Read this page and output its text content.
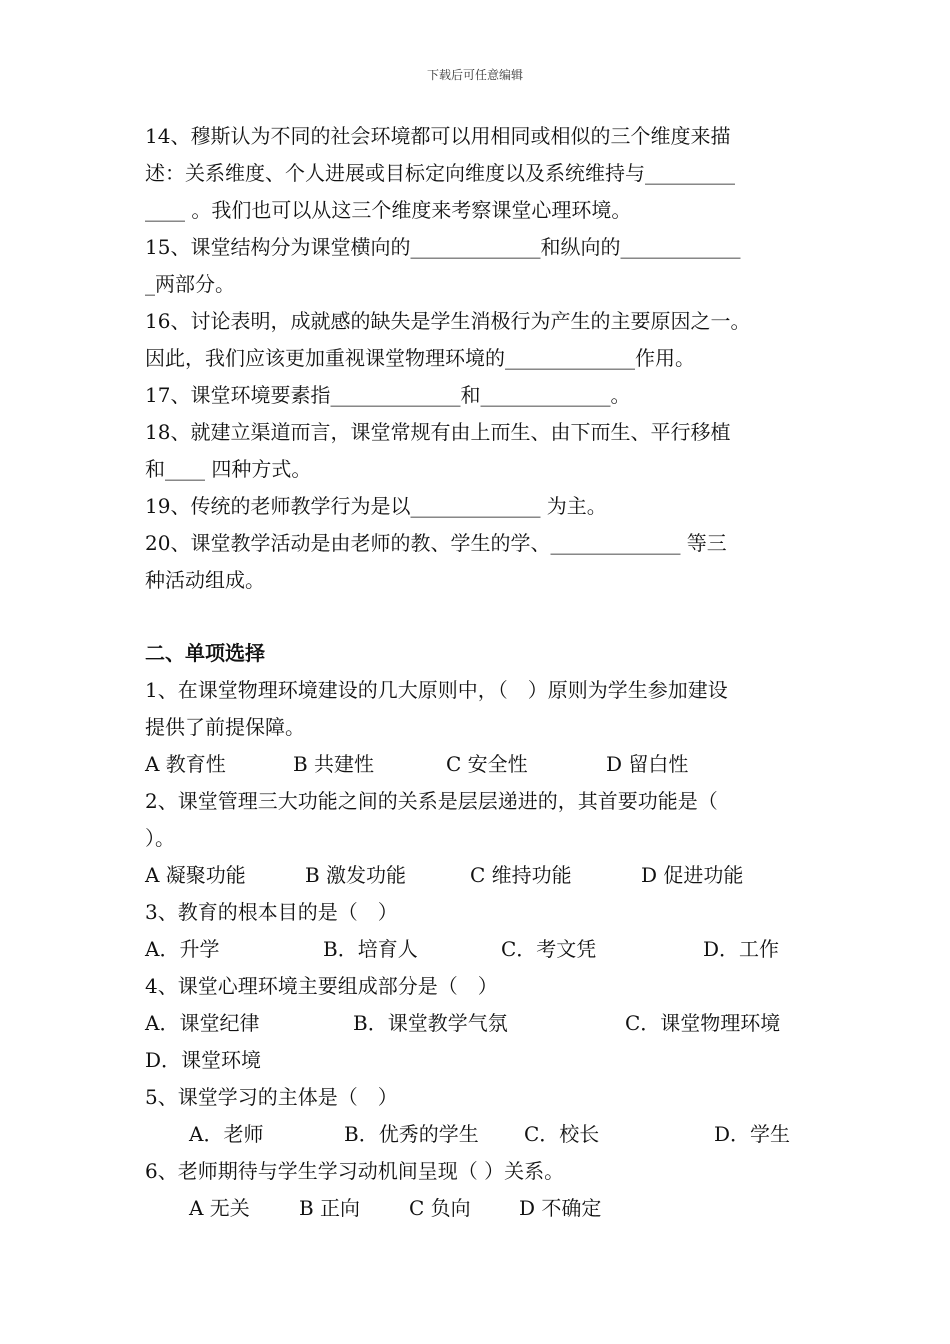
下载后可任意编辑
14、穆斯认为不同的社会环境都可以用相同或相似的三个维度来描
述：关系维度、个人进展或目标定向维度以及系统维持与_________
____ 。我们也可以从这三个维度来考察课堂心理环境。
15、课堂结构分为课堂横向的_____________和纵向的____________
_两部分。
16、讨论表明，成就感的缺失是学生消极行为产生的主要原因之一。
因此，我们应该更加重视课堂物理环境的_____________作用。
17、课堂环境要素指_____________和_____________。
18、就建立渠道而言，课堂常规有由上而生、由下而生、平行移植
和____ 四种方式。
19、传统的老师教学行为是以_____________ 为主。
20、课堂教学活动是由老师的教、学生的学、_____________ 等三
种活动组成。
二、单项选择
1、在课堂物理环境建设的几大原则中，（　）原则为学生参加建设
提供了前提保障。
A 教育性	B 共建性	C 安全性	D 留白性
2、课堂管理三大功能之间的关系是层层递进的，其首要功能是（
）。
A 凝聚功能	B 激发功能	C 维持功能	D 促进功能
3、教育的根本目的是（　）
A．升学	B．培育人	C．考文凭	D．工作
4、课堂心理环境主要组成部分是（　）
A．课堂纪律	B．课堂教学气氛	C．课堂物理环境
D．课堂环境
5、课堂学习的主体是（　）
A．老师	B．优秀的学生 C．校长	D．学生
6、老师期待与学生学习动机间呈现（ ）关系。
A 无关 B 正向 C 负向 D 不确定
